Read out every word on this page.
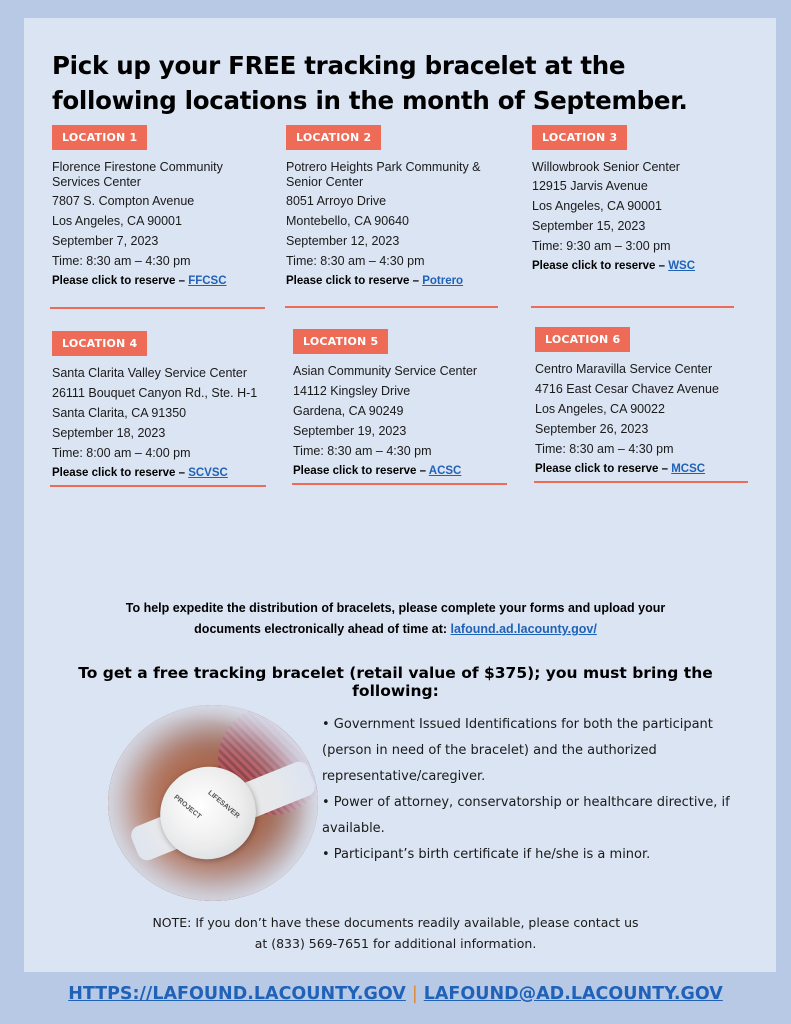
Pick up your FREE tracking bracelet at the
following locations in the month of September.
LOCATION 1
Florence Firestone Community Services Center
7807 S. Compton Avenue
Los Angeles, CA 90001
September 7, 2023
Time: 8:30 am – 4:30 pm
Please click to reserve – FFCSC
LOCATION 2
Potrero Heights Park Community & Senior Center
8051 Arroyo Drive
Montebello, CA 90640
September 12, 2023
Time: 8:30 am – 4:30 pm
Please click to reserve – Potrero
LOCATION 3
Willowbrook Senior Center
12915 Jarvis Avenue
Los Angeles, CA 90001
September 15, 2023
Time: 9:30 am – 3:00 pm
Please click to reserve – WSC
LOCATION 4
Santa Clarita Valley Service Center
26111 Bouquet Canyon Rd., Ste. H-1
Santa Clarita, CA 91350
September 18, 2023
Time: 8:00 am – 4:00 pm
Please click to reserve – SCVSC
LOCATION 5
Asian Community Service Center
14112 Kingsley Drive
Gardena, CA 90249
September 19, 2023
Time: 8:30 am – 4:30 pm
Please click to reserve – ACSC
LOCATION 6
Centro Maravilla Service Center
4716 East Cesar Chavez Avenue
Los Angeles, CA 90022
September 26, 2023
Time: 8:30 am – 4:30 pm
Please click to reserve – MCSC
To help expedite the distribution of bracelets, please complete your forms and upload your
documents electronically ahead of time at: lafound.ad.lacounty.gov/
To get a free tracking bracelet (retail value of $375); you must bring the following:
PROJECT LIFESAVER
• Government Issued Identifications for both the participant (person in need of the bracelet) and the authorized representative/caregiver.
• Power of attorney, conservatorship or healthcare directive, if available.
• Participant’s birth certificate if he/she is a minor.
NOTE: If you don’t have these documents readily available, please contact us
at (833) 569-7651 for additional information.
HTTPS://LAFOUND.LACOUNTY.GOV | LAFOUND@AD.LACOUNTY.GOV
